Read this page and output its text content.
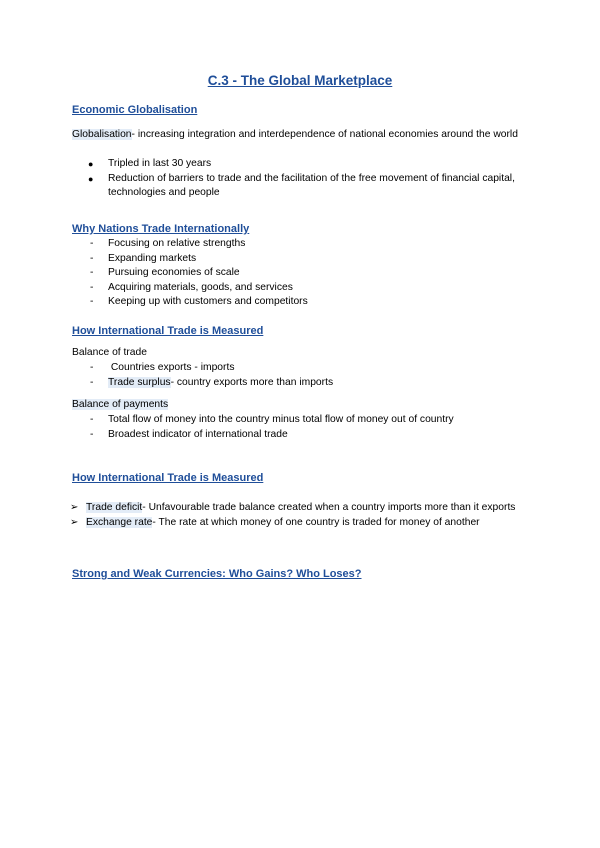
C.3 - The Global Marketplace
Economic Globalisation
Globalisation- increasing integration and interdependence of national economies around the world
● Tripled in last 30 years
● Reduction of barriers to trade and the facilitation of the free movement of financial capital, technologies and people
Why Nations Trade Internationally
- Focusing on relative strengths
- Expanding markets
- Pursuing economies of scale
- Acquiring materials, goods, and services
- Keeping up with customers and competitors
How International Trade is Measured
Balance of trade
- Countries exports - imports
- Trade surplus- country exports more than imports
Balance of payments
- Total flow of money into the country minus total flow of money out of country
- Broadest indicator of international trade
How International Trade is Measured
➢ Trade deficit- Unfavourable trade balance created when a country imports more than it exports
➢ Exchange rate- The rate at which money of one country is traded for money of another
Strong and Weak Currencies: Who Gains? Who Loses?
